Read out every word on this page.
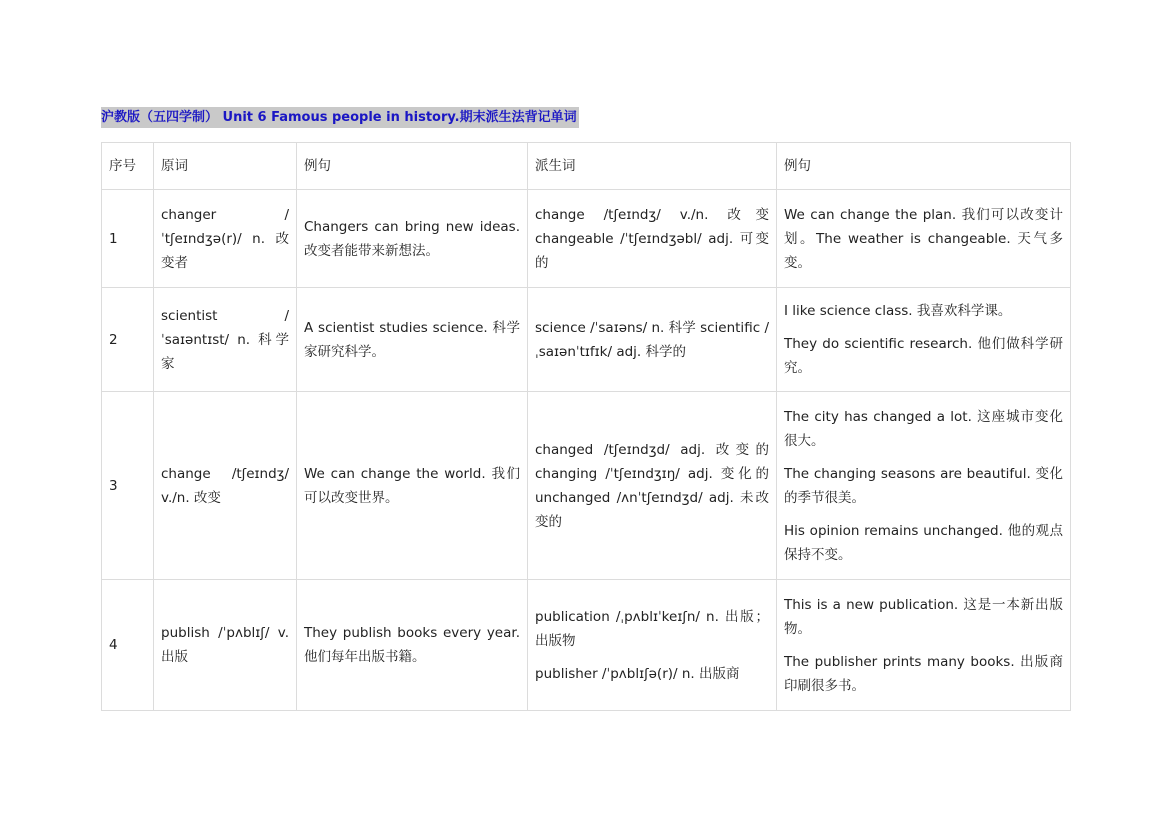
沪教版（五四学制） Unit 6 Famous people in history.期末派生法背记单词
序号	原词	例句	派生词	例句
1	changer /ˈtʃeɪndʒə(r)/ n. 改变者	Changers can bring new ideas. 改变者能带来新想法。	change /tʃeɪndʒ/ v./n. 改变 changeable /ˈtʃeɪndʒəbl/ adj. 可变的	We can change the plan. 我们可以改变计划。The weather is changeable. 天气多变。

2	scientist /ˈsaɪəntɪst/ n. 科学家	A scientist studies science. 科学家研究科学。	science /ˈsaɪəns/ n. 科学 scientific /ˌsaɪənˈtɪfɪk/ adj. 科学的	I like science class. 我喜欢科学课。
They do scientific research. 他们做科学研究。

3	change /tʃeɪndʒ/ v./n. 改变	We can change the world. 我们可以改变世界。	changed /tʃeɪndʒd/ adj. 改变的 changing /ˈtʃeɪndʒɪŋ/ adj. 变化的 unchanged /ʌnˈtʃeɪndʒd/ adj. 未改变的	The city has changed a lot. 这座城市变化很大。
The changing seasons are beautiful. 变化的季节很美。
His opinion remains unchanged. 他的观点保持不变。

4	publish /ˈpʌblɪʃ/ v. 出版	They publish books every year. 他们每年出版书籍。	publication /ˌpʌblɪˈkeɪʃn/ n. 出版；出版物
publisher /ˈpʌblɪʃə(r)/ n. 出版商	This is a new publication. 这是一本新出版物。
The publisher prints many books. 出版商印刷很多书。
